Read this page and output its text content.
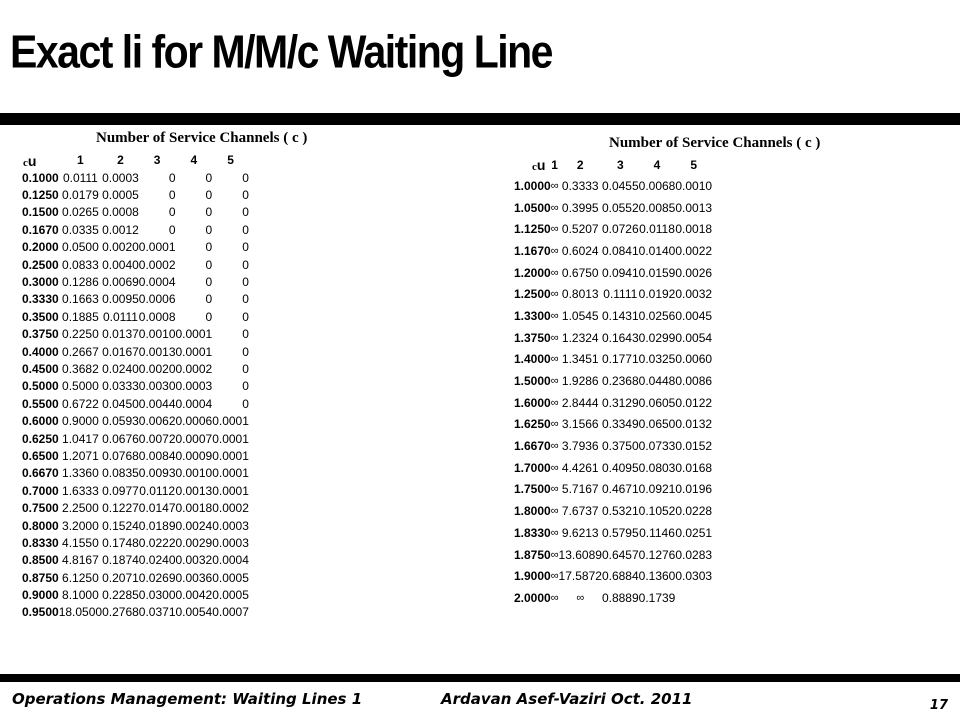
Exact li for M/M/c Waiting Line
Number of Service Channels ( c )
cu
		1	2	3	4	5
0.1000	0.0111	0.0003	0	0	0
0.1250	0.0179	0.0005	0	0	0
0.1500	0.0265	0.0008	0	0	0
0.1670	0.0335	0.0012	0	0	0
0.2000	0.0500	0.0020	0.0001	0	0
0.2500	0.0833	0.0040	0.0002	0	0
0.3000	0.1286	0.0069	0.0004	0	0
0.3330	0.1663	0.0095	0.0006	0	0
0.3500	0.1885	0.0111	0.0008	0	0
0.3750	0.2250	0.0137	0.0010	0.0001	0
0.4000	0.2667	0.0167	0.0013	0.0001	0
0.4500	0.3682	0.0240	0.0020	0.0002	0
0.5000	0.5000	0.0333	0.0030	0.0003	0
0.5500	0.6722	0.0450	0.0044	0.0004	0
0.6000	0.9000	0.0593	0.0062	0.0006	0.0001
0.6250	1.0417	0.0676	0.0072	0.0007	0.0001
0.6500	1.2071	0.0768	0.0084	0.0009	0.0001
0.6670	1.3360	0.0835	0.0093	0.0010	0.0001
0.7000	1.6333	0.0977	0.0112	0.0013	0.0001
0.7500	2.2500	0.1227	0.0147	0.0018	0.0002
0.8000	3.2000	0.1524	0.0189	0.0024	0.0003
0.8330	4.1550	0.1748	0.0222	0.0029	0.0003
0.8500	4.8167	0.1874	0.0240	0.0032	0.0004
0.8750	6.1250	0.2071	0.0269	0.0036	0.0005
0.9000	8.1000	0.2285	0.0300	0.0042	0.0005
0.9500	18.0500	0.2768	0.0371	0.0054	0.0007
Number of Service Channels ( c )
cu
	1	2	3	4	5
1.0000	∞	0.3333	0.0455	0.0068	0.0010
1.0500	∞	0.3995	0.0552	0.0085	0.0013
1.1250	∞	0.5207	0.0726	0.0118	0.0018
1.1670	∞	0.6024	0.0841	0.0140	0.0022
1.2000	∞	0.6750	0.0941	0.0159	0.0026
1.2500	∞	0.8013	0.1111	0.0192	0.0032
1.3300	∞	1.0545	0.1431	0.0256	0.0045
1.3750	∞	1.2324	0.1643	0.0299	0.0054
1.4000	∞	1.3451	0.1771	0.0325	0.0060
1.5000	∞	1.9286	0.2368	0.0448	0.0086
1.6000	∞	2.8444	0.3129	0.0605	0.0122
1.6250	∞	3.1566	0.3349	0.0650	0.0132
1.6670	∞	3.7936	0.3750	0.0733	0.0152
1.7000	∞	4.4261	0.4095	0.0803	0.0168
1.7500	∞	5.7167	0.4671	0.0921	0.0196
1.8000	∞	7.6737	0.5321	0.1052	0.0228
1.8330	∞	9.6213	0.5795	0.1146	0.0251
1.8750	∞	13.6089	0.6457	0.1276	0.0283
1.9000	∞	17.5872	0.6884	0.1360	0.0303
2.0000	∞	∞	0.8889	0.1739	
Operations Management: Waiting Lines 1	Ardavan Asef-Vaziri Oct. 2011	17
